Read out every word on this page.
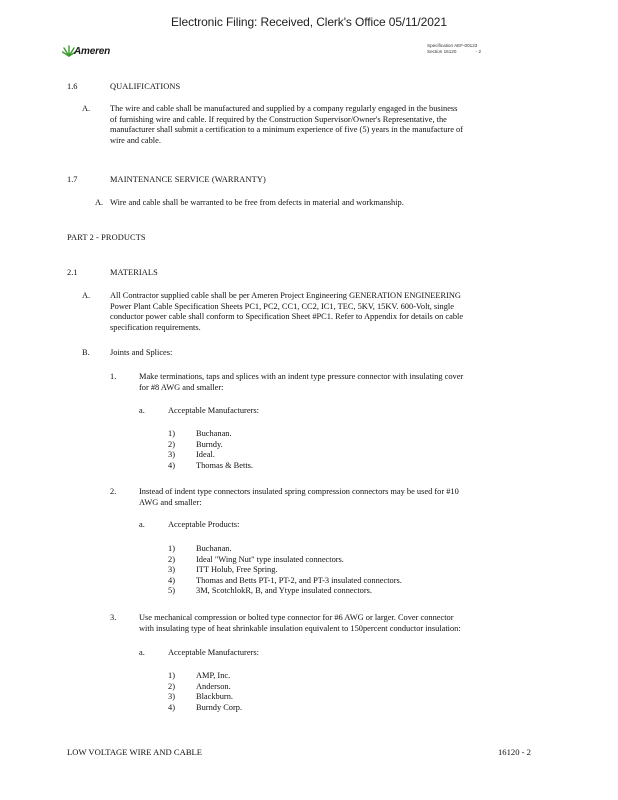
Electronic Filing: Received, Clerk's Office 05/11/2021
Ameren
Specification AEF-00123
Section 16120	- 2
1.6	QUALIFICATIONS
A. The wire and cable shall be manufactured and supplied by a company regularly engaged in the business
of furnishing wire and cable. If required by the Construction Supervisor/Owner's Representative, the
manufacturer shall submit a certification to a minimum experience of five (5) years in the manufacture of
wire and cable.
1.7	MAINTENANCE SERVICE (WARRANTY)
A. Wire and cable shall be warranted to be free from defects in material and workmanship.
PART 2 - PRODUCTS
2.1	MATERIALS
A. All Contractor supplied cable shall be per Ameren Project Engineering GENERATION ENGINEERING
Power Plant Cable Specification Sheets PC1, PC2, CC1, CC2, IC1, TEC, 5KV, 15KV. 600-Volt, single
conductor power cable shall conform to Specification Sheet #PC1. Refer to Appendix for details on cable
specification requirements.
B. Joints and Splices:
1.	Make terminations, taps and splices with an indent type pressure connector with insulating cover
for #8 AWG and smaller:
a.	Acceptable Manufacturers:
1)	Buchanan.
2)	Burndy.
3)	Ideal.
4)	Thomas & Betts.
2.	Instead of indent type connectors insulated spring compression connectors may be used for #10
AWG and smaller:
a.	Acceptable Products:
1)	Buchanan.
2)	Ideal "Wing Nut" type insulated connectors.
3)	ITT Holub, Free Spring.
4)	Thomas and Betts PT-1, PT-2, and PT-3 insulated connectors.
5)	3M, ScotchlokR, B, and Ytype insulated connectors.
3.	Use mechanical compression or bolted type connector for #6 AWG or larger. Cover connector
with insulating type of heat shrinkable insulation equivalent to 150percent conductor insulation:
a.	Acceptable Manufacturers:
1)	AMP, Inc.
2)	Anderson.
3)	Blackburn.
4)	Burndy Corp.
LOW VOLTAGE WIRE AND CABLE	16120 - 2
